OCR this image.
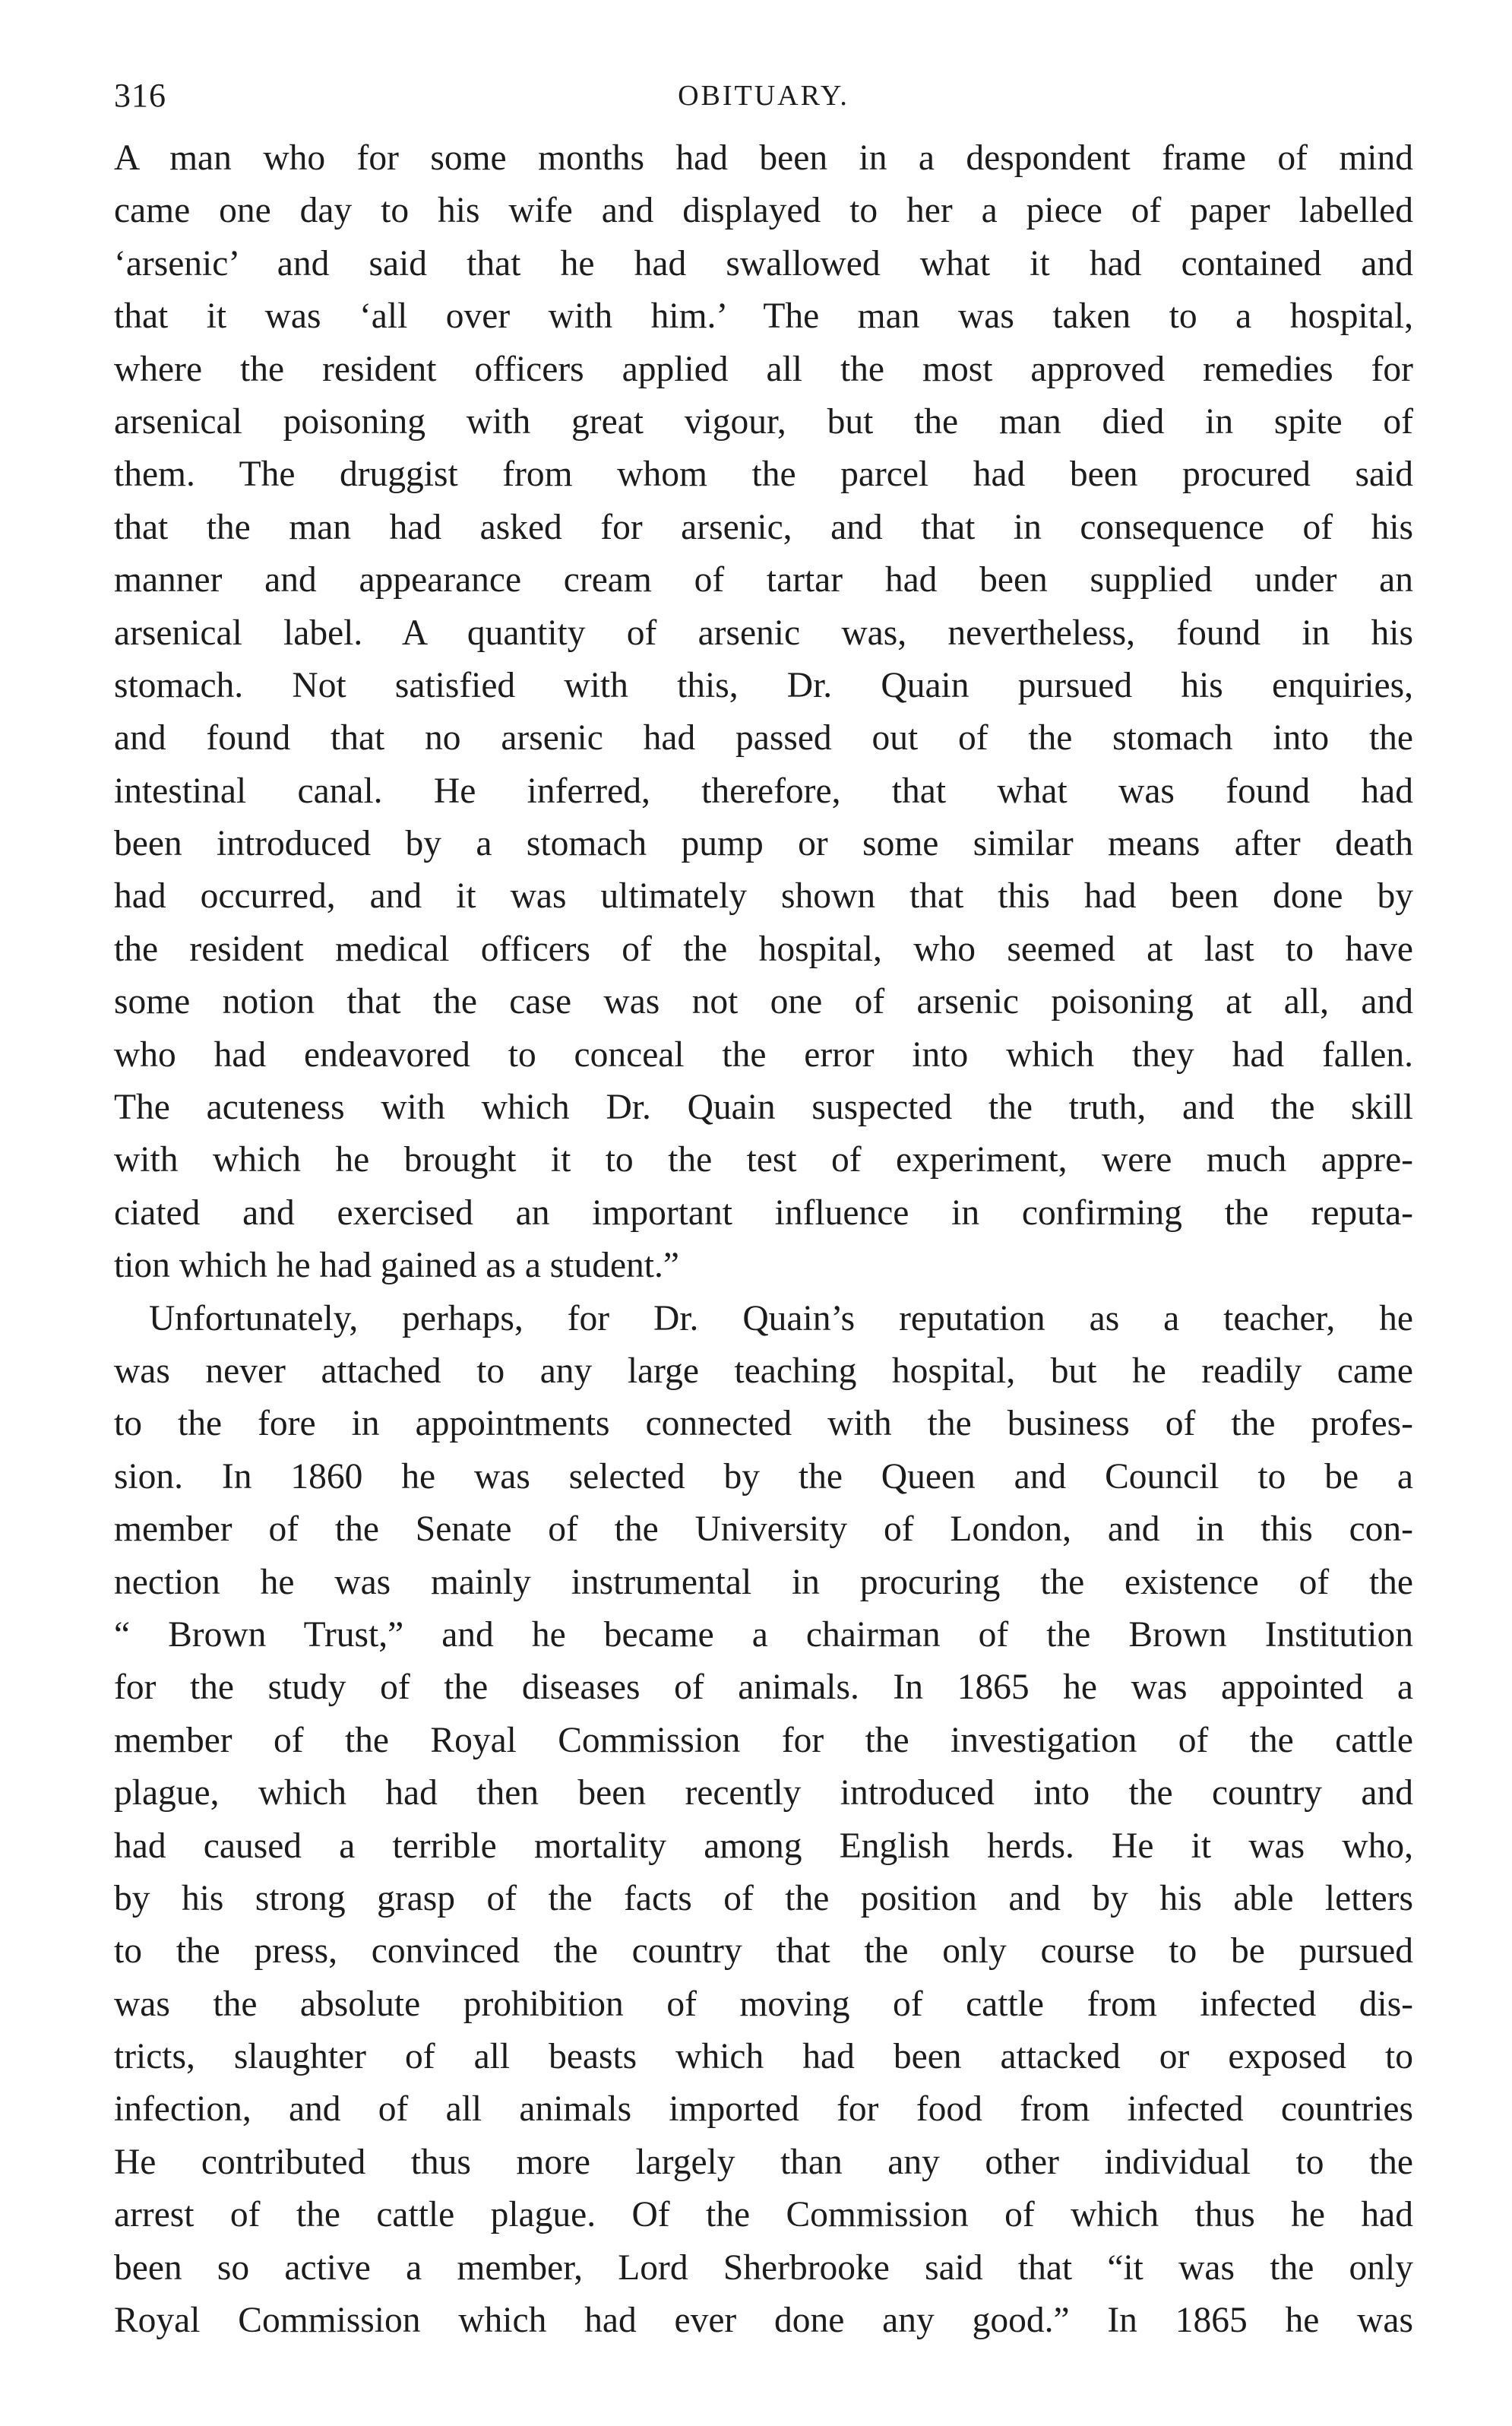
316	OBITUARY.
A man who for some months had been in a despondent frame of mind
came one day to his wife and displayed to her a piece of paper labelled
‘arsenic’ and said that he had swallowed what it had contained and
that it was ‘all over with him.’ The man was taken to a hospital,
where the resident officers applied all the most approved remedies for
arsenical poisoning with great vigour, but the man died in spite of
them. The druggist from whom the parcel had been procured said
that the man had asked for arsenic, and that in consequence of his
manner and appearance cream of tartar had been supplied under an
arsenical label. A quantity of arsenic was, nevertheless, found in his
stomach. Not satisfied with this, Dr. Quain pursued his enquiries,
and found that no arsenic had passed out of the stomach into the
intestinal canal. He inferred, therefore, that what was found had
been introduced by a stomach pump or some similar means after death
had occurred, and it was ultimately shown that this had been done by
the resident medical officers of the hospital, who seemed at last to have
some notion that the case was not one of arsenic poisoning at all, and
who had endeavored to conceal the error into which they had fallen.
The acuteness with which Dr. Quain suspected the truth, and the skill
with which he brought it to the test of experiment, were much appre-
ciated and exercised an important influence in confirming the reputa-
tion which he had gained as a student.”
Unfortunately, perhaps, for Dr. Quain’s reputation as a teacher, he
was never attached to any large teaching hospital, but he readily came
to the fore in appointments connected with the business of the profes-
sion. In 1860 he was selected by the Queen and Council to be a
member of the Senate of the University of London, and in this con-
nection he was mainly instrumental in procuring the existence of the
“ Brown Trust,” and he became a chairman of the Brown Institution
for the study of the diseases of animals. In 1865 he was appointed a
member of the Royal Commission for the investigation of the cattle
plague, which had then been recently introduced into the country and
had caused a terrible mortality among English herds. He it was who,
by his strong grasp of the facts of the position and by his able letters
to the press, convinced the country that the only course to be pursued
was the absolute prohibition of moving of cattle from infected dis-
tricts, slaughter of all beasts which had been attacked or exposed to
infection, and of all animals imported for food from infected countries
He contributed thus more largely than any other individual to the
arrest of the cattle plague. Of the Commission of which thus he had
been so active a member, Lord Sherbrooke said that “it was the only
Royal Commission which had ever done any good.” In 1865 he was
